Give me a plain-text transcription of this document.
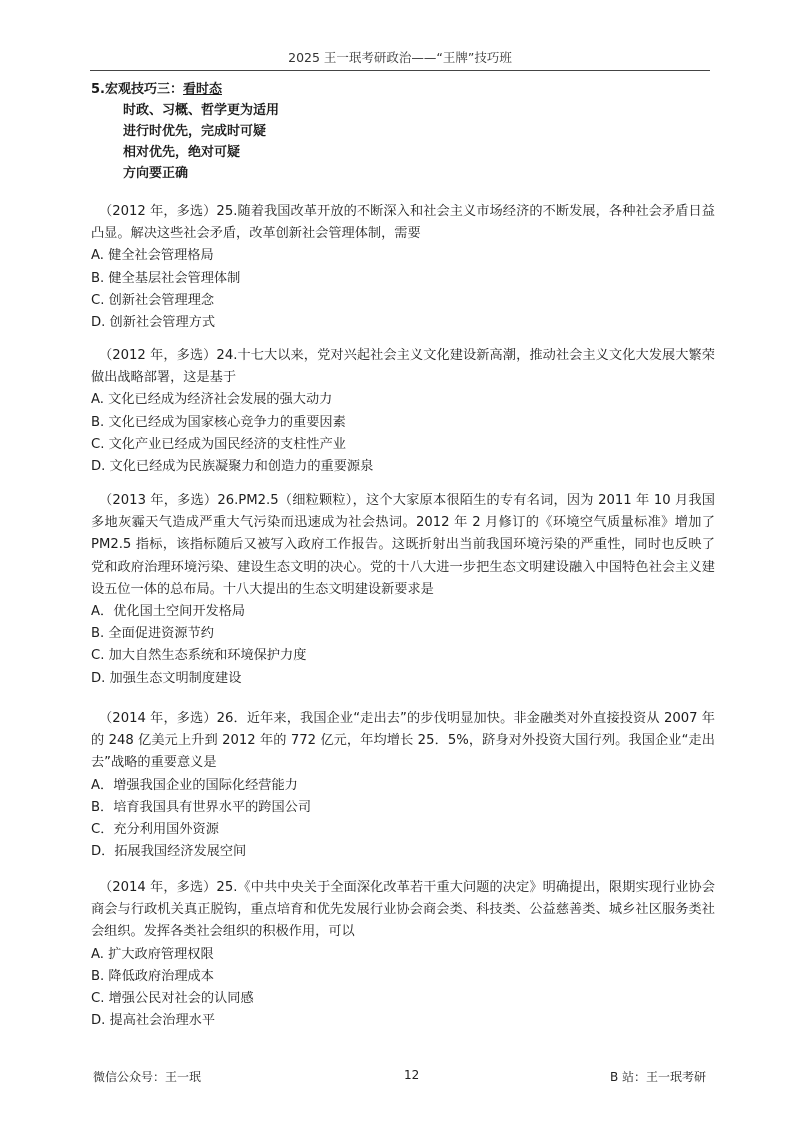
2025 王一珉考研政治——“王牌”技巧班
5.宏观技巧三： 看时态
时政、习概、哲学更为适用
进行时优先，完成时可疑
相对优先，绝对可疑
方向要正确

（2012 年，多选）25.随着我国改革开放的不断深入和社会主义市场经济的不断发展，各种社会矛盾日益凸显。解决这些社会矛盾，改革创新社会管理体制，需要

A. 健全社会管理格局

B. 健全基层社会管理体制

C. 创新社会管理理念

D. 创新社会管理方式

（2012 年，多选）24.十七大以来，党对兴起社会主义文化建设新高潮，推动社会主义文化大发展大繁荣做出战略部署，这是基于

A. 文化已经成为经济社会发展的强大动力

B. 文化已经成为国家核心竞争力的重要因素

C. 文化产业已经成为国民经济的支柱性产业

D. 文化已经成为民族凝聚力和创造力的重要源泉

（2013 年，多选）26.PM2.5（细粒颗粒），这个大家原本很陌生的专有名词，因为 2011 年 10 月我国多地灰霾天气造成严重大气污染而迅速成为社会热词。2012 年 2 月修订的《环境空气质量标准》增加了 PM2.5 指标，该指标随后又被写入政府工作报告。这既折射出当前我国环境污染的严重性，同时也反映了党和政府治理环境污染、建设生态文明的决心。党的十八大进一步把生态文明建设融入中国特色社会主义建设五位一体的总布局。十八大提出的生态文明建设新要求是

A．优化国土空间开发格局

B. 全面促进资源节约

C. 加大自然生态系统和环境保护力度

D. 加强生态文明制度建设

（2014 年，多选）26．近年来，我国企业“走出去”的步伐明显加快。非金融类对外直接投资从 2007 年的 248 亿美元上升到 2012 年的 772 亿元，年均增长 25．5%，跻身对外投资大国行列。我国企业“走出去”战略的重要意义是

A．增强我国企业的国际化经营能力

B．培育我国具有世界水平的跨国公司

C．充分利用国外资源

D．拓展我国经济发展空间

（2014 年，多选）25.《中共中央关于全面深化改革若干重大问题的决定》明确提出，限期实现行业协会商会与行政机关真正脱钩，重点培育和优先发展行业协会商会类、科技类、公益慈善类、城乡社区服务类社会组织。发挥各类社会组织的积极作用，可以

A. 扩大政府管理权限

B. 降低政府治理成本

C. 增强公民对社会的认同感

D. 提高社会治理水平

微信公众号：王一珉	12	B 站：王一珉考研
